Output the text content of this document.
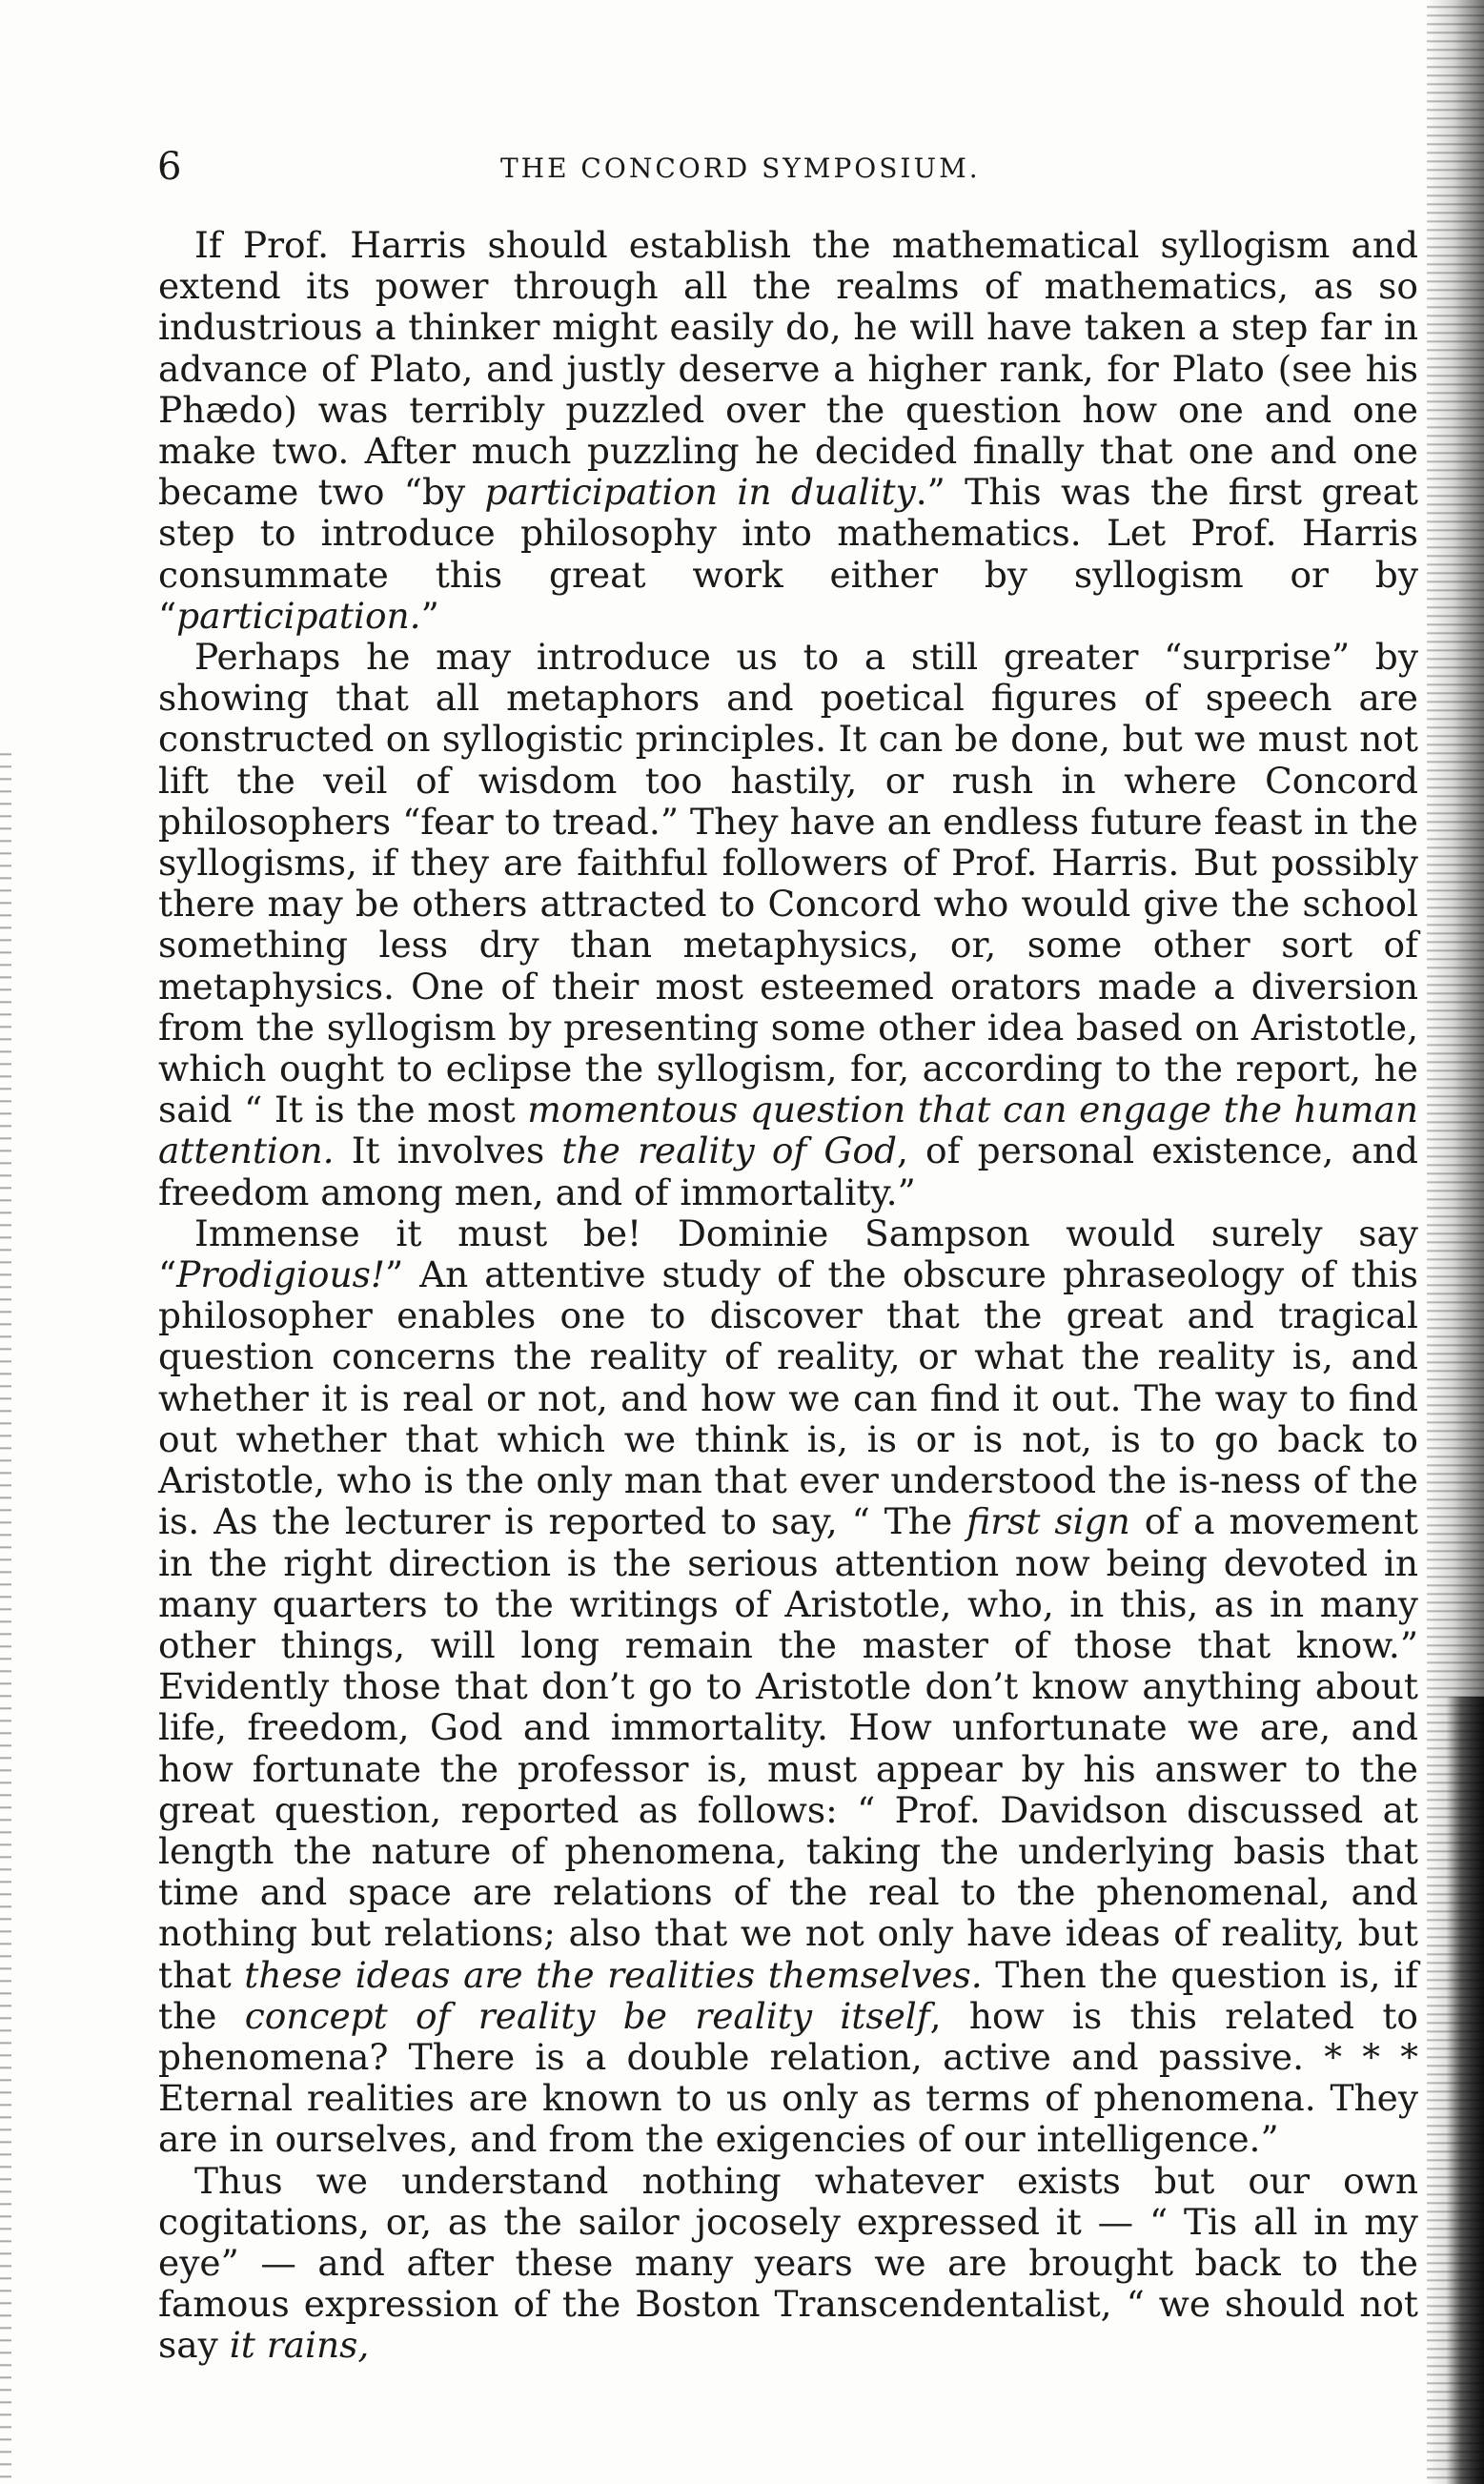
6	THE CONCORD SYMPOSIUM.

If Prof. Harris should establish the mathematical syllogism and extend its power through all the realms of mathematics, as so industrious a thinker might easily do, he will have taken a step far in advance of Plato, and justly deserve a higher rank, for Plato (see his Phædo) was terribly puzzled over the question how one and one make two. After much puzzling he decided finally that one and one became two “by participation in duality.” This was the first great step to introduce philosophy into mathematics. Let Prof. Harris consummate this great work either by syllogism or by “participation.”

Perhaps he may introduce us to a still greater “surprise” by showing that all metaphors and poetical figures of speech are constructed on syllogistic principles. It can be done, but we must not lift the veil of wisdom too hastily, or rush in where Concord philosophers “fear to tread.” They have an endless future feast in the syllogisms, if they are faithful followers of Prof. Harris. But possibly there may be others attracted to Concord who would give the school something less dry than metaphysics, or, some other sort of metaphysics. One of their most esteemed orators made a diversion from the syllogism by presenting some other idea based on Aristotle, which ought to eclipse the syllogism, for, according to the report, he said “ It is the most momentous question that can engage the human attention. It involves the reality of God, of personal existence, and freedom among men, and of immortality.”

Immense it must be! Dominie Sampson would surely say “Prodigious!” An attentive study of the obscure phraseology of this philosopher enables one to discover that the great and tragical question concerns the reality of reality, or what the reality is, and whether it is real or not, and how we can find it out. The way to find out whether that which we think is, is or is not, is to go back to Aristotle, who is the only man that ever understood the is-ness of the is. As the lecturer is reported to say, “ The first sign of a movement in the right direction is the serious attention now being devoted in many quarters to the writings of Aristotle, who, in this, as in many other things, will long remain the master of those that know.” Evidently those that don’t go to Aristotle don’t know anything about life, freedom, God and immortality. How unfortunate we are, and how fortunate the professor is, must appear by his answer to the great question, reported as follows: “ Prof. Davidson discussed at length the nature of phenomena, taking the underlying basis that time and space are relations of the real to the phenomenal, and nothing but relations; also that we not only have ideas of reality, but that these ideas are the realities themselves. Then the question is, if the concept of reality be reality itself, how is this related to phenomena? There is a double relation, active and passive. * * * Eternal realities are known to us only as terms of phenomena. They are in ourselves, and from the exigencies of our intelligence.”

Thus we understand nothing whatever exists but our own cogitations, or, as the sailor jocosely expressed it — “ Tis all in my eye” — and after these many years we are brought back to the famous expression of the Boston Transcendentalist, “ we should not say it rains,
